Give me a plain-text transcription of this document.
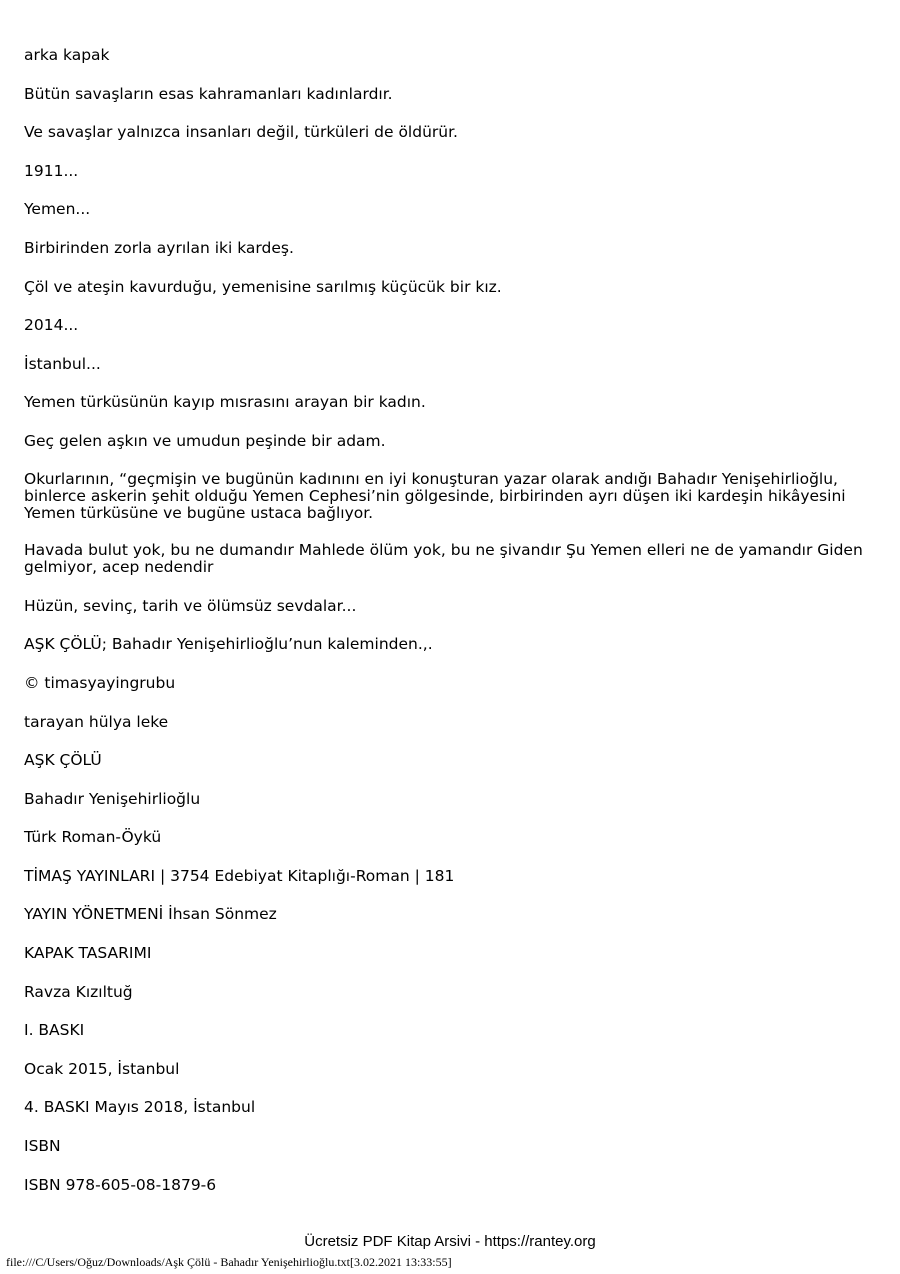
arka kapak

Bütün savaşların esas kahramanları kadınlardır.

Ve savaşlar yalnızca insanları değil, türküleri de öldürür.

1911...

Yemen...

Birbirinden zorla ayrılan iki kardeş.

Çöl ve ateşin kavurduğu, yemenisine sarılmış küçücük bir kız.

2014...

İstanbul...

Yemen türküsünün kayıp mısrasını arayan bir kadın.

Geç gelen aşkın ve umudun peşinde bir adam.

Okurlarının, “geçmişin ve bugünün kadınını en iyi konuşturan yazar olarak andığı Bahadır Yenişehirlioğlu, binlerce askerin şehit olduğu Yemen Cephesi’nin gölgesinde, birbirinden ayrı düşen iki kardeşin hikâyesini Yemen türküsüne ve bugüne ustaca bağlıyor.

Havada bulut yok, bu ne dumandır Mahlede ölüm yok, bu ne şivandır Şu Yemen elleri ne de yamandır Giden gelmiyor, acep nedendir

Hüzün, sevinç, tarih ve ölümsüz sevdalar...

AŞK ÇÖLÜ; Bahadır Yenişehirlioğlu’nun kaleminden.,.

© timasyayingrubu

tarayan hülya leke

AŞK ÇÖLÜ

Bahadır Yenişehirlioğlu

Türk Roman-Öykü

TİMAŞ YAYINLARI | 3754 Edebiyat Kitaplığı-Roman | 181

YAYIN YÖNETMENİ İhsan Sönmez

KAPAK TASARIMI

Ravza Kızıltuğ

I. BASKI

Ocak 2015, İstanbul

4. BASKI Mayıs 2018, İstanbul

ISBN

ISBN 978-605-08-1879-6

Ücretsiz PDF Kitap Arsivi - https://rantey.org
file:///C/Users/Oğuz/Downloads/Aşk Çölü - Bahadır Yenişehirlioğlu.txt[3.02.2021 13:33:55]
